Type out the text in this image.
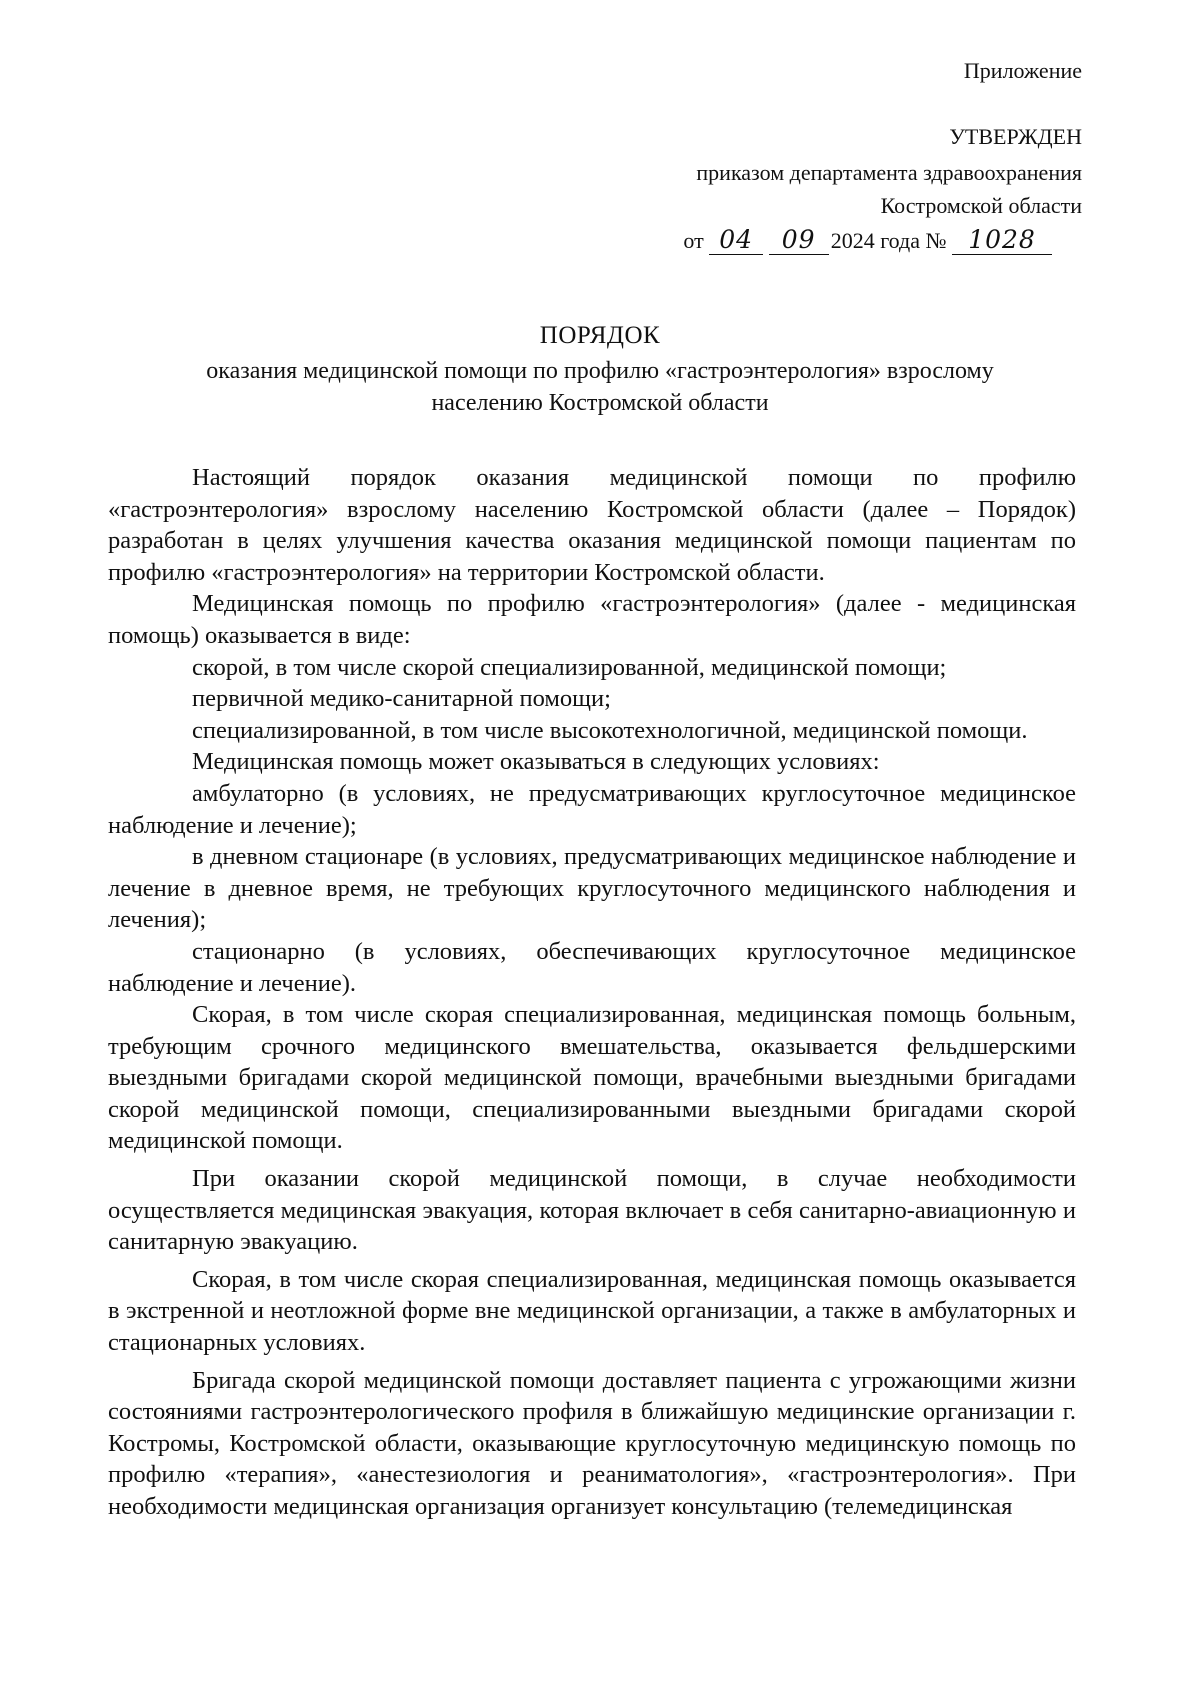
Приложение
УТВЕРЖДЕН
приказом департамента здравоохранения
Костромской области
от 04 09 2024 года № 1028
ПОРЯДОК
оказания медицинской помощи по профилю «гастроэнтерология» взрослому
населению Костромской области

Настоящий порядок оказания медицинской помощи по профилю «гастроэнтерология» взрослому населению Костромской области (далее – Порядок) разработан в целях улучшения качества оказания медицинской помощи пациентам по профилю «гастроэнтерология» на территории Костромской области.

Медицинская помощь по профилю «гастроэнтерология» (далее - медицинская помощь) оказывается в виде:

скорой, в том числе скорой специализированной, медицинской помощи;

первичной медико-санитарной помощи;

специализированной, в том числе высокотехнологичной, медицинской помощи.

Медицинская помощь может оказываться в следующих условиях:

амбулаторно (в условиях, не предусматривающих круглосуточное медицинское наблюдение и лечение);

в дневном стационаре (в условиях, предусматривающих медицинское наблюдение и лечение в дневное время, не требующих круглосуточного медицинского наблюдения и лечения);

стационарно (в условиях, обеспечивающих круглосуточное медицинское наблюдение и лечение).

Скорая, в том числе скорая специализированная, медицинская помощь больным, требующим срочного медицинского вмешательства, оказывается фельдшерскими выездными бригадами скорой медицинской помощи, врачебными выездными бригадами скорой медицинской помощи, специализированными выездными бригадами скорой медицинской помощи.

При оказании скорой медицинской помощи, в случае необходимости осуществляется медицинская эвакуация, которая включает в себя санитарно-авиационную и санитарную эвакуацию.

Скорая, в том числе скорая специализированная, медицинская помощь оказывается в экстренной и неотложной форме вне медицинской организации, а также в амбулаторных и стационарных условиях.

Бригада скорой медицинской помощи доставляет пациента с угрожающими жизни состояниями гастроэнтерологического профиля в ближайшую медицинские организации г. Костромы, Костромской области, оказывающие круглосуточную медицинскую помощь по профилю «терапия», «анестезиология и реаниматология», «гастроэнтерология». При необходимости медицинская организация организует консультацию (телемедицинская
